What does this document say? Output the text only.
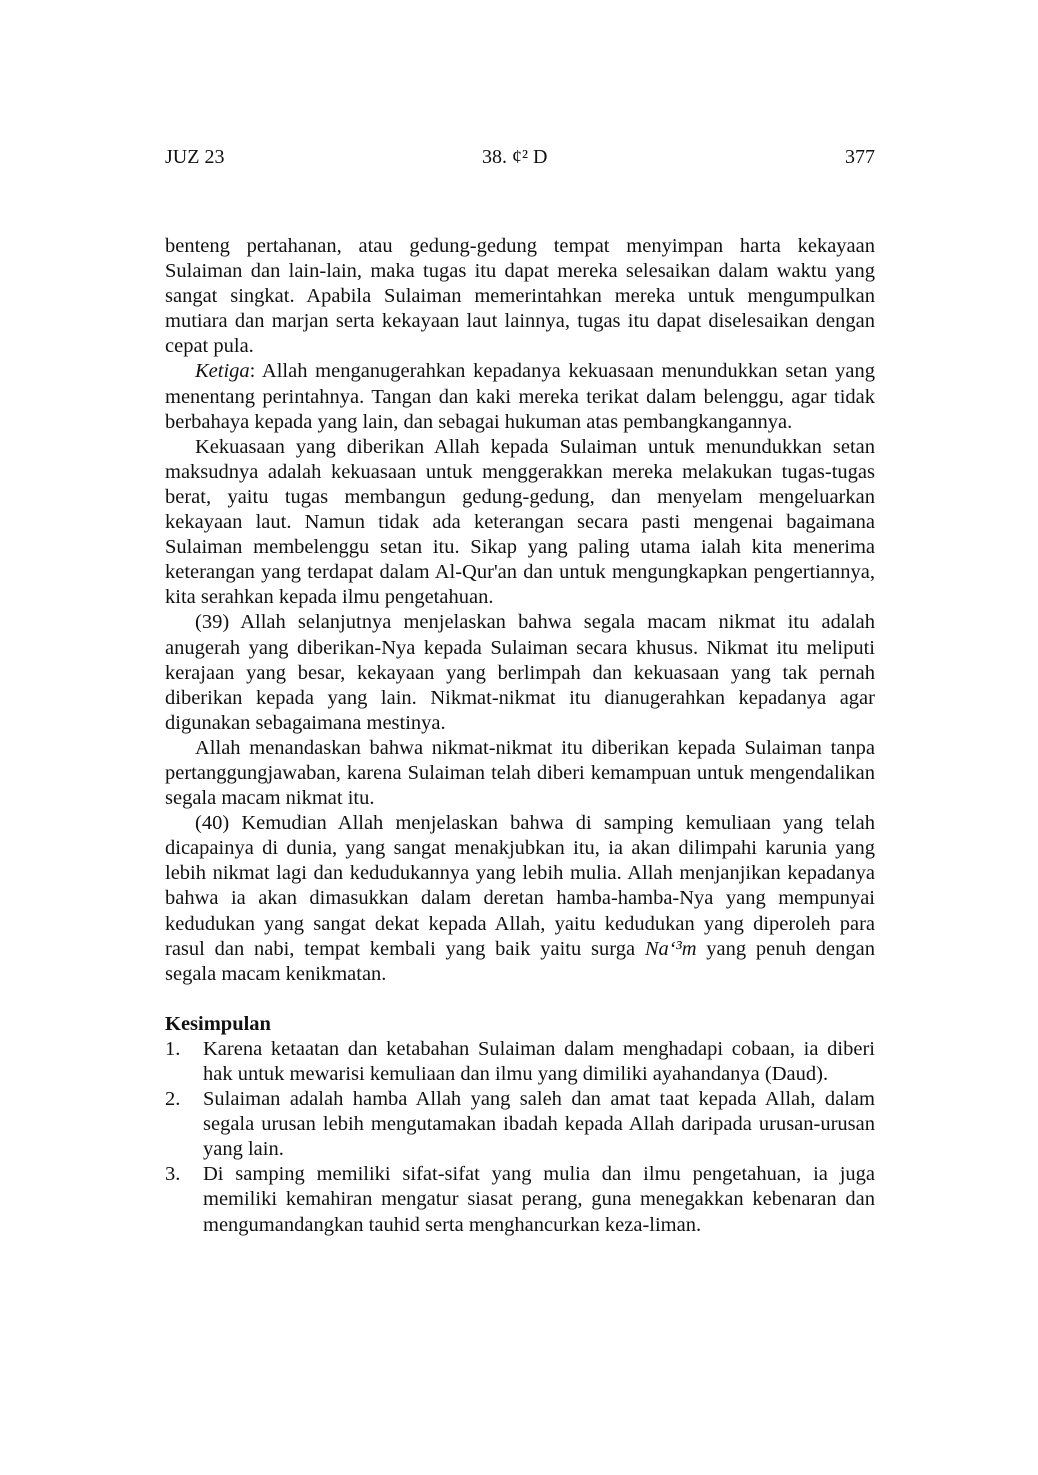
JUZ 23	38. ¢² D	377

benteng pertahanan, atau gedung-gedung tempat menyimpan harta kekayaan Sulaiman dan lain-lain, maka tugas itu dapat mereka selesaikan dalam waktu yang sangat singkat. Apabila Sulaiman memerintahkan mereka untuk mengumpulkan mutiara dan marjan serta kekayaan laut lainnya, tugas itu dapat diselesaikan dengan cepat pula.

Ketiga: Allah menganugerahkan kepadanya kekuasaan menundukkan setan yang menentang perintahnya. Tangan dan kaki mereka terikat dalam belenggu, agar tidak berbahaya kepada yang lain, dan sebagai hukuman atas pembangkangannya.

Kekuasaan yang diberikan Allah kepada Sulaiman untuk menundukkan setan maksudnya adalah kekuasaan untuk menggerakkan mereka melakukan tugas-tugas berat, yaitu tugas membangun gedung-gedung, dan menyelam mengeluarkan kekayaan laut. Namun tidak ada keterangan secara pasti mengenai bagaimana Sulaiman membelenggu setan itu. Sikap yang paling utama ialah kita menerima keterangan yang terdapat dalam Al-Qur'an dan untuk mengungkapkan pengertiannya, kita serahkan kepada ilmu pengetahuan.

(39) Allah selanjutnya menjelaskan bahwa segala macam nikmat itu adalah anugerah yang diberikan-Nya kepada Sulaiman secara khusus. Nikmat itu meliputi kerajaan yang besar, kekayaan yang berlimpah dan kekuasaan yang tak pernah diberikan kepada yang lain. Nikmat-nikmat itu dianugerahkan kepadanya agar digunakan sebagaimana mestinya.

Allah menandaskan bahwa nikmat-nikmat itu diberikan kepada Sulaiman tanpa pertanggungjawaban, karena Sulaiman telah diberi kemampuan untuk mengendalikan segala macam nikmat itu.

(40) Kemudian Allah menjelaskan bahwa di samping kemuliaan yang telah dicapainya di dunia, yang sangat menakjubkan itu, ia akan dilimpahi karunia yang lebih nikmat lagi dan kedudukannya yang lebih mulia. Allah menjanjikan kepadanya bahwa ia akan dimasukkan dalam deretan hamba-hamba-Nya yang mempunyai kedudukan yang sangat dekat kepada Allah, yaitu kedudukan yang diperoleh para rasul dan nabi, tempat kembali yang baik yaitu surga Na‘³m yang penuh dengan segala macam kenikmatan.

Kesimpulan
1. Karena ketaatan dan ketabahan Sulaiman dalam menghadapi cobaan, ia diberi hak untuk mewarisi kemuliaan dan ilmu yang dimiliki ayahandanya (Daud).
2. Sulaiman adalah hamba Allah yang saleh dan amat taat kepada Allah, dalam segala urusan lebih mengutamakan ibadah kepada Allah daripada urusan-urusan yang lain.
3. Di samping memiliki sifat-sifat yang mulia dan ilmu pengetahuan, ia juga memiliki kemahiran mengatur siasat perang, guna menegakkan kebenaran dan mengumandangkan tauhid serta menghancurkan keza-liman.
